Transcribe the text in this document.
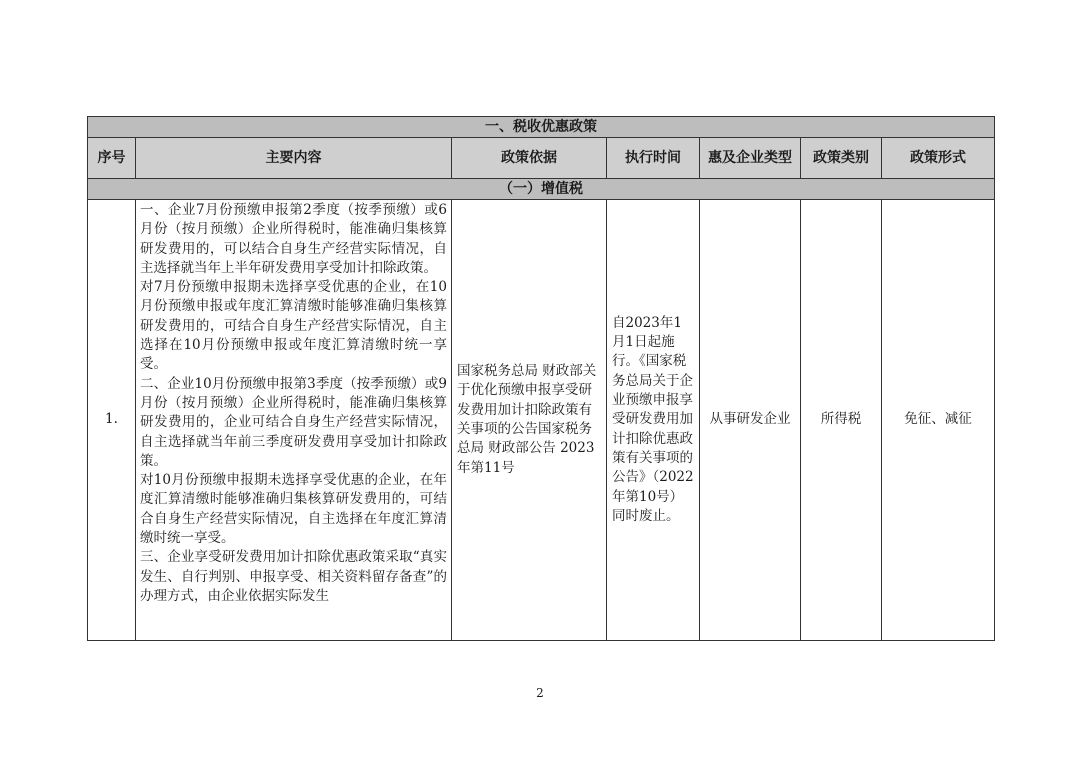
一、税收优惠政策						
序号	主要内容	政策依据	执行时间	惠及企业类型	政策类别	政策形式
（一）增值税						
1.	一、企业7月份预缴申报第2季度（按季预缴）或6月份（按月预缴）企业所得税时，能准确归集核算研发费用的，可以结合自身生产经营实际情况，自主选择就当年上半年研发费用享受加计扣除政策。

对7月份预缴申报期未选择享受优惠的企业，在10月份预缴申报或年度汇算清缴时能够准确归集核算研发费用的，可结合自身生产经营实际情况，自主选择在10月份预缴申报或年度汇算清缴时统一享受。

二、企业10月份预缴申报第3季度（按季预缴）或9月份（按月预缴）企业所得税时，能准确归集核算研发费用的，企业可结合自身生产经营实际情况，自主选择就当年前三季度研发费用享受加计扣除政策。

对10月份预缴申报期未选择享受优惠的企业，在年度汇算清缴时能够准确归集核算研发费用的，可结合自身生产经营实际情况，自主选择在年度汇算清缴时统一享受。

三、企业享受研发费用加计扣除优惠政策采取“真实发生、自行判别、申报享受、相关资料留存备查”的办理方式，由企业依据实际发生	国家税务总局 财政部关于优化预缴申报享受研发费用加计扣除政策有关事项的公告国家税务总局 财政部公告 2023 年第11号	自2023年1月1日起施行。《国家税务总局关于企业预缴申报享受研发费用加计扣除优惠政策有关事项的公告》（2022年第10号）同时废止。	从事研发企业	所得税	免征、减征
2
